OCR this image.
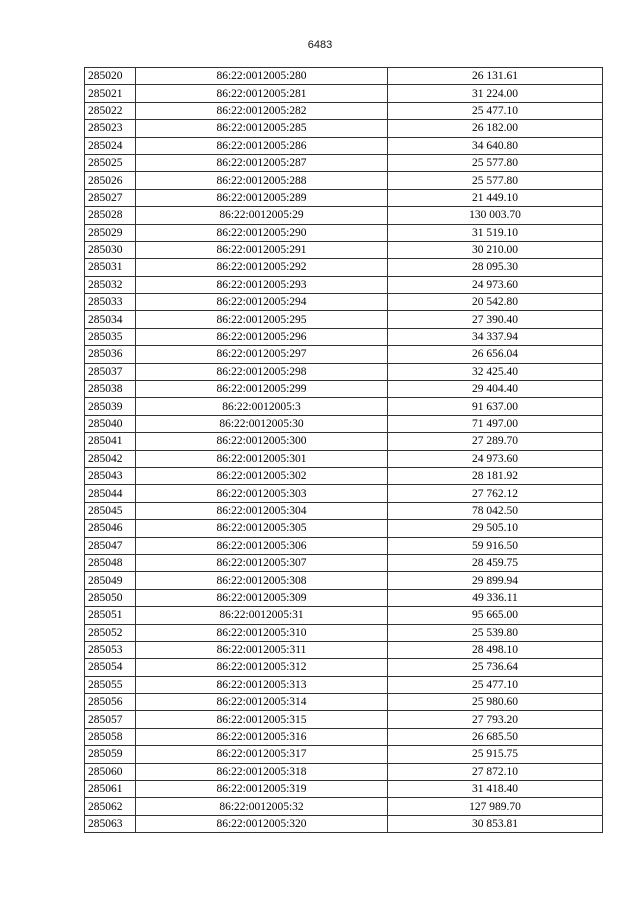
6483
285020	86:22:0012005:280	26 131.61
285021	86:22:0012005:281	31 224.00
285022	86:22:0012005:282	25 477.10
285023	86:22:0012005:285	26 182.00
285024	86:22:0012005:286	34 640.80
285025	86:22:0012005:287	25 577.80
285026	86:22:0012005:288	25 577.80
285027	86:22:0012005:289	21 449.10
285028	86:22:0012005:29	130 003.70
285029	86:22:0012005:290	31 519.10
285030	86:22:0012005:291	30 210.00
285031	86:22:0012005:292	28 095.30
285032	86:22:0012005:293	24 973.60
285033	86:22:0012005:294	20 542.80
285034	86:22:0012005:295	27 390.40
285035	86:22:0012005:296	34 337.94
285036	86:22:0012005:297	26 656.04
285037	86:22:0012005:298	32 425.40
285038	86:22:0012005:299	29 404.40
285039	86:22:0012005:3	91 637.00
285040	86:22:0012005:30	71 497.00
285041	86:22:0012005:300	27 289.70
285042	86:22:0012005:301	24 973.60
285043	86:22:0012005:302	28 181.92
285044	86:22:0012005:303	27 762.12
285045	86:22:0012005:304	78 042.50
285046	86:22:0012005:305	29 505.10
285047	86:22:0012005:306	59 916.50
285048	86:22:0012005:307	28 459.75
285049	86:22:0012005:308	29 899.94
285050	86:22:0012005:309	49 336.11
285051	86:22:0012005:31	95 665.00
285052	86:22:0012005:310	25 539.80
285053	86:22:0012005:311	28 498.10
285054	86:22:0012005:312	25 736.64
285055	86:22:0012005:313	25 477.10
285056	86:22:0012005:314	25 980.60
285057	86:22:0012005:315	27 793.20
285058	86:22:0012005:316	26 685.50
285059	86:22:0012005:317	25 915.75
285060	86:22:0012005:318	27 872.10
285061	86:22:0012005:319	31 418.40
285062	86:22:0012005:32	127 989.70
285063	86:22:0012005:320	30 853.81
